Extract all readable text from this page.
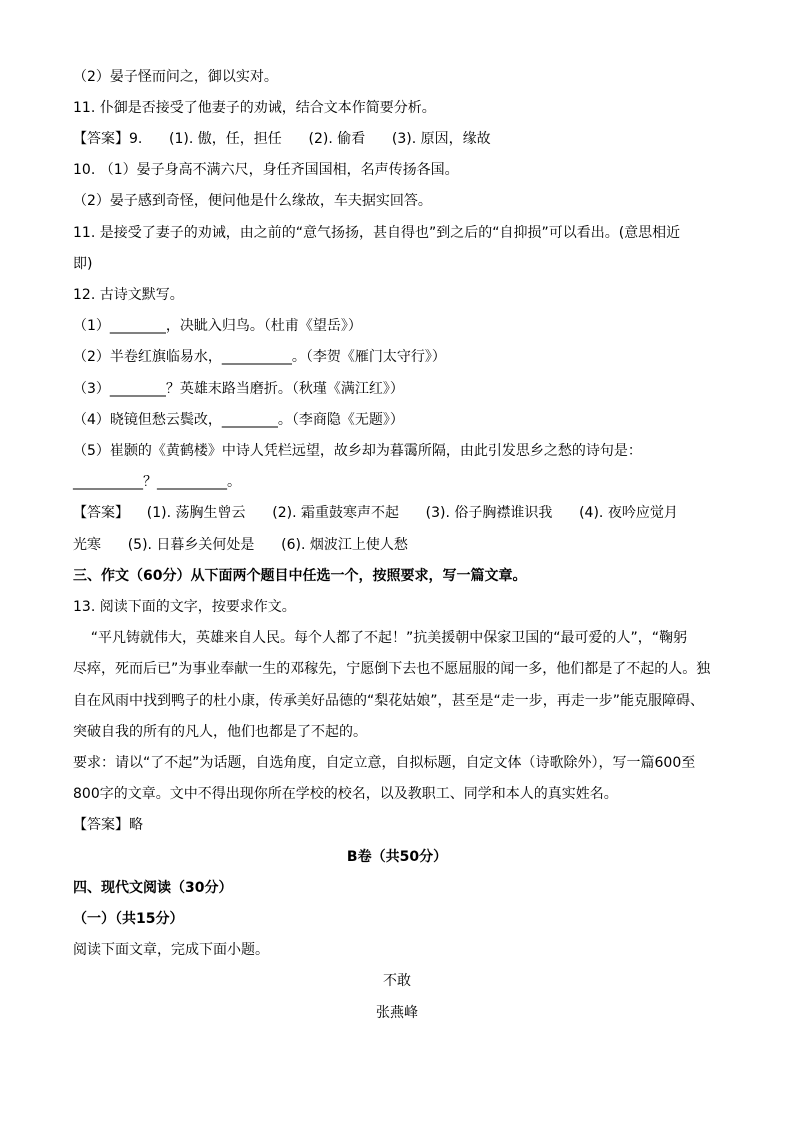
（2）晏子怪而问之，御以实对。
11. 仆御是否接受了他妻子的劝诫，结合文本作简要分析。
【答案】9.      (1). 傲，任，担任      (2). 偷看      (3). 原因，缘故
10. （1）晏子身高不满六尺，身任齐国国相，名声传扬各国。
（2）晏子感到奇怪，便问他是什么缘故，车夫据实回答。
11. 是接受了妻子的劝诫，由之前的“意气扬扬，甚自得也”到之后的“自抑损”可以看出。(意思相近
即)
12. 古诗文默写。
（1）________，决眦入归鸟。（杜甫《望岳》）
（2）半卷红旗临易水，__________。（李贺《雁门太守行》）
（3）________？英雄末路当磨折。（秋瑾《满江红》）
（4）晓镜但愁云鬓改，________。（李商隐《无题》）
（5）崔颢的《黄鹤楼》中诗人凭栏远望，故乡却为暮霭所隔，由此引发思乡之愁的诗句是：
__________？__________。
【答案】    (1). 荡胸生曾云      (2). 霜重鼓寒声不起      (3). 俗子胸襟谁识我      (4). 夜吟应觉月
光寒      (5). 日暮乡关何处是      (6). 烟波江上使人愁
三、作文（60分）从下面两个题目中任选一个，按照要求，写一篇文章。
13. 阅读下面的文字，按要求作文。
“平凡铸就伟大，英雄来自人民。每个人都了不起！”抗美援朝中保家卫国的“最可爱的人”，“鞠躬
尽瘁，死而后已”为事业奉献一生的邓稼先，宁愿倒下去也不愿屈服的闻一多，他们都是了不起的人。独
自在风雨中找到鸭子的杜小康，传承美好品德的“梨花姑娘”，甚至是“走一步，再走一步”能克服障碍、
突破自我的所有的凡人，他们也都是了不起的。
要求：请以“了不起”为话题，自选角度，自定立意，自拟标题，自定文体（诗歌除外），写一篇600至
800字的文章。文中不得出现你所在学校的校名，以及教职工、同学和本人的真实姓名。
【答案】略
B卷（共50分）
四、现代文阅读（30分）
（一）（共15分）
阅读下面文章，完成下面小题。
不敢
张燕峰
